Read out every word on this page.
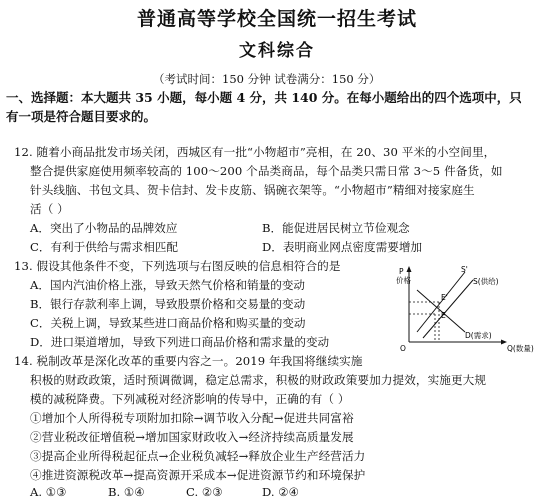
普通高等学校全国统一招生考试
文科综合
（考试时间：150 分钟 试卷满分：150 分）
一、选择题：本大题共 35 小题，每小题 4 分，共 140 分。在每小题给出的四个选项中，只
有一项是符合题目要求的。
12. 随着小商品批发市场关闭，西城区有一批“小物超市”亮相，在 20、30 平米的小空间里，
整合提供家庭使用频率较高的 100～200 个品类商品，每个品类只需日常 3～5 件备货，如
针头线脑、书包文具、贺卡信封、发卡皮筋、锅碗衣架等。“小物超市”精细对接家庭生
活（ ）
A．突出了小物品的品牌效应	B．能促进居民树立节俭观念
C．有利于供给与需求相匹配	D．表明商业网点密度需要增加
13. 假设其他条件不变，下列选项与右图反映的信息相符合的是
A．国内汽油价格上涨，导致天然气价格和销量的变动
B．银行存款利率上调，导致股票价格和交易量的变动
C．关税上调，导致某些进口商品价格和购买量的变动
D．进口渠道增加，导致下列进口商品价格和需求量的变动
P 价格
O	Q(数量)
S'
S(供给)
D(需求)
E'
E
14. 税制改革是深化改革的重要内容之一。2019 年我国将继续实施
积极的财政政策，适时预调微调，稳定总需求，积极的财政政策要加力提效，实施更大规
模的减税降费。下列减税对经济影响的传导中，正确的有（ ）
①增加个人所得税专项附加扣除→调节收入分配→促进共同富裕
②营业税改征增值税→增加国家财政收入→经济持续高质量发展
③提高企业所得税起征点→企业税负减轻→释放企业生产经营活力
④推进资源税改革→提高资源开采成本→促进资源节约和环境保护
A. ①③	B. ①④	C. ②③	D. ②④
